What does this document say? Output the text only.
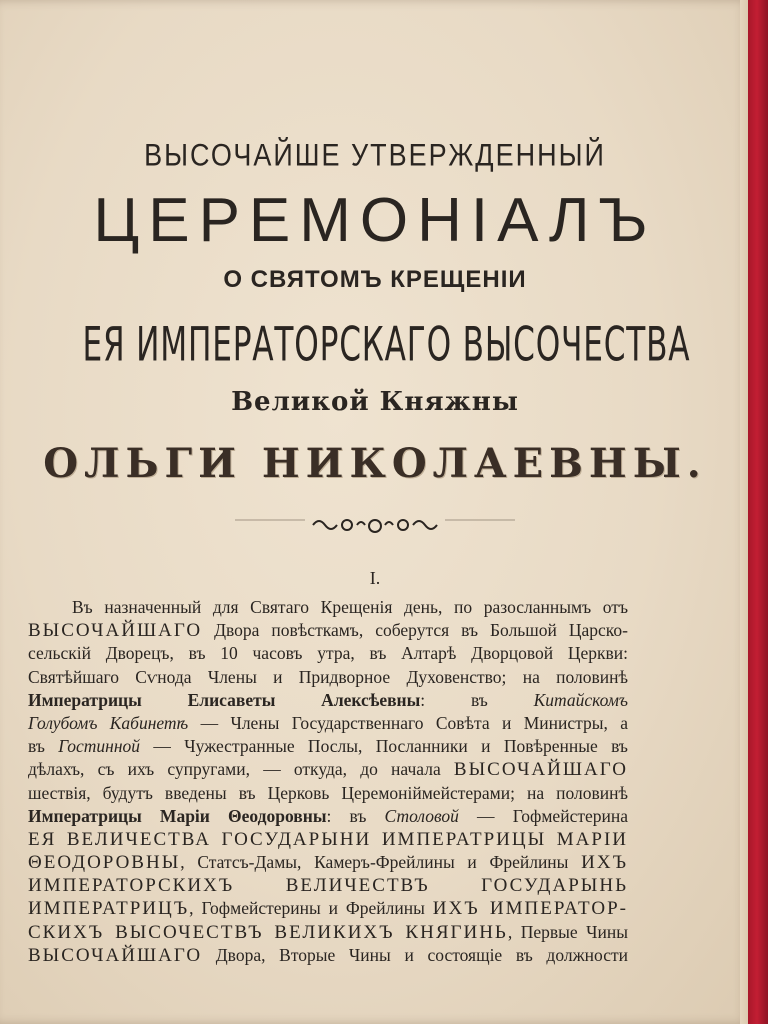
ВЫСОЧАЙШЕ УТВЕРЖДЕННЫЙ
ЦЕРЕМОНІАЛЪ
О СВЯТОМЪ КРЕЩЕНІИ
ЕЯ ИМПЕРАТОРСКАГО ВЫСОЧЕСТВА
Великой Княжны
ОЛЬГИ НИКОЛАЕВНЫ.
I.
Въ назначенный для Святаго Крещенія день, по разосланнымъ отъ
ВЫСОЧАЙШАГО Двора повѣсткамъ, соберутся въ Большой Царско-
сельскій Дворецъ, въ 10 часовъ утра, въ Алтарѣ Дворцовой Церкви:
Святѣйшаго Сѵнода Члены и Придворное Духовенство; на половинѣ
Императрицы Елисаветы Алексѣевны: въ Китайскомъ
Голубомъ Кабинетѣ — Члены Государственнаго Совѣта и Министры, а
въ Гостинной — Чужестранные Послы, Посланники и Повѣренные въ
дѣлахъ, съ ихъ супругами, — откуда, до начала ВЫСОЧАЙШАГО
шествія, будутъ введены въ Церковь Церемоніймейстерами; на половинѣ
Императрицы Маріи Θеодоровны: въ Столовой — Гофмейстерина
ЕЯ ВЕЛИЧЕСТВА ГОСУДАРЫНИ ИМПЕРАТРИЦЫ МАРІИ
ΘЕОДОРОВНЫ, Статсъ-Дамы, Камеръ-Фрейлины и Фрейлины ИХЪ
ИМПЕРАТОРСКИХЪ ВЕЛИЧЕСТВЪ ГОСУДАРЫНЬ
ИМПЕРАТРИЦЪ, Гофмейстерины и Фрейлины ИХЪ ИМПЕРАТОР-
СКИХЪ ВЫСОЧЕСТВЪ ВЕЛИКИХЪ КНЯГИНЬ, Первые Чины
ВЫСОЧАЙШАГО Двора, Вторые Чины и состоящіе въ должности
